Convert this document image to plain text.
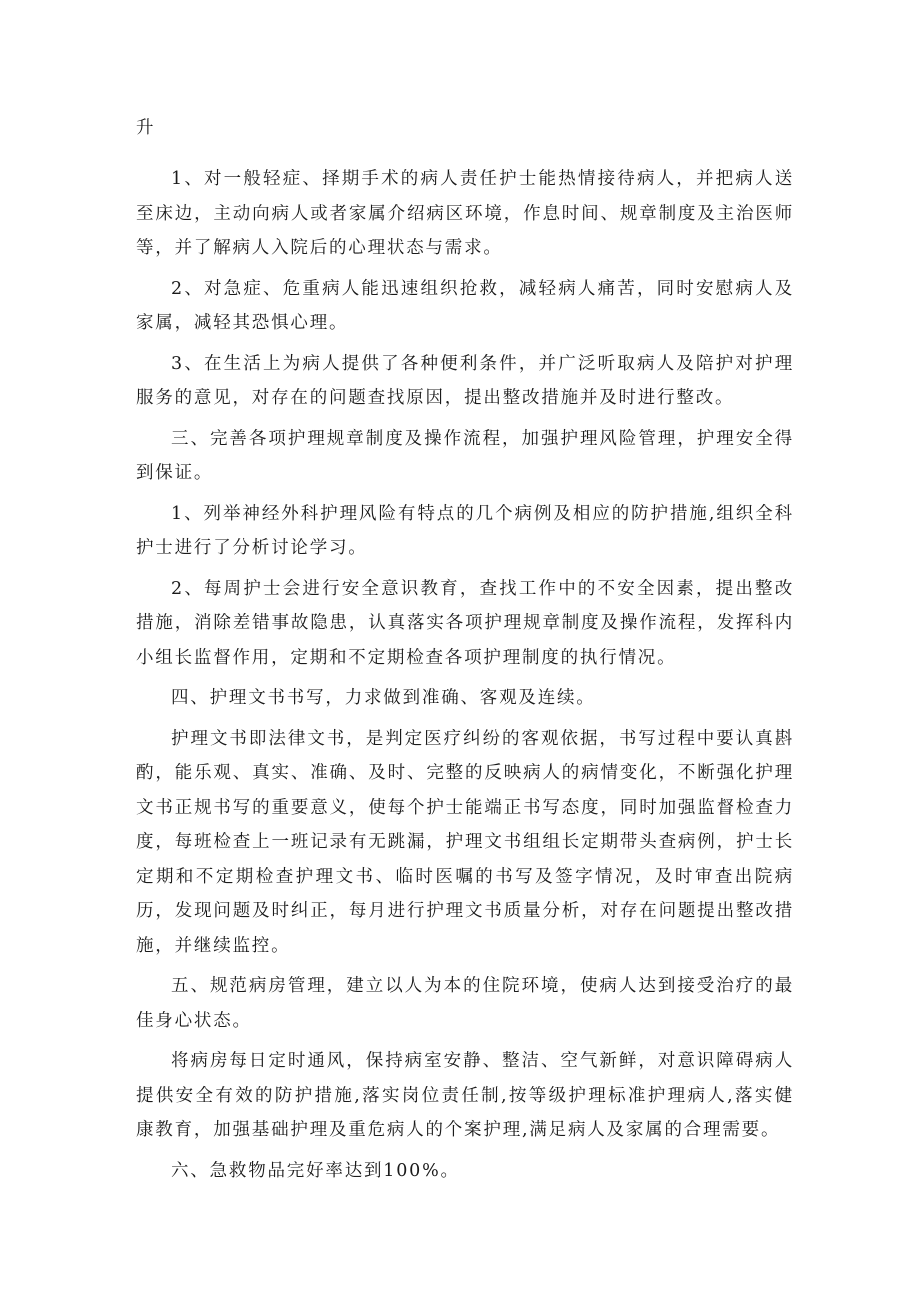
升

1、对一般轻症、择期手术的病人责任护士能热情接待病人，并把病人送至床边，主动向病人或者家属介绍病区环境，作息时间、规章制度及主治医师等，并了解病人入院后的心理状态与需求。

2、对急症、危重病人能迅速组织抢救，减轻病人痛苦，同时安慰病人及家属，减轻其恐惧心理。

3、在生活上为病人提供了各种便利条件，并广泛听取病人及陪护对护理服务的意见，对存在的问题查找原因，提出整改措施并及时进行整改。

三、完善各项护理规章制度及操作流程，加强护理风险管理，护理安全得到保证。

1、列举神经外科护理风险有特点的几个病例及相应的防护措施,组织全科护士进行了分析讨论学习。

2、每周护士会进行安全意识教育，查找工作中的不安全因素，提出整改措施，消除差错事故隐患，认真落实各项护理规章制度及操作流程，发挥科内小组长监督作用，定期和不定期检查各项护理制度的执行情况。

四、护理文书书写，力求做到准确、客观及连续。

护理文书即法律文书，是判定医疗纠纷的客观依据，书写过程中要认真斟酌，能乐观、真实、准确、及时、完整的反映病人的病情变化，不断强化护理文书正规书写的重要意义，使每个护士能端正书写态度，同时加强监督检查力度，每班检查上一班记录有无跳漏，护理文书组组长定期带头查病例，护士长定期和不定期检查护理文书、临时医嘱的书写及签字情况，及时审查出院病历，发现问题及时纠正，每月进行护理文书质量分析，对存在问题提出整改措施，并继续监控。

五、规范病房管理，建立以人为本的住院环境，使病人达到接受治疗的最佳身心状态。

将病房每日定时通风，保持病室安静、整洁、空气新鲜，对意识障碍病人提供安全有效的防护措施,落实岗位责任制,按等级护理标准护理病人,落实健康教育，加强基础护理及重危病人的个案护理,满足病人及家属的合理需要。

六、急救物品完好率达到100%。
